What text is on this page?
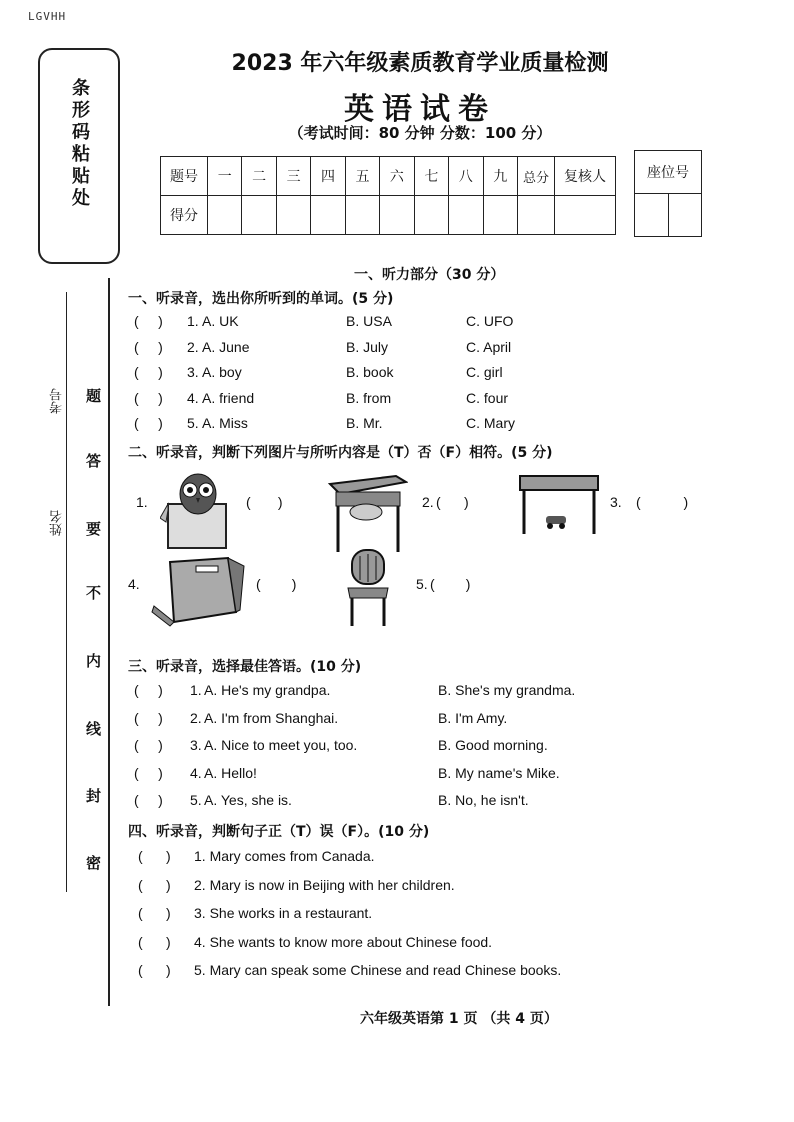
LGVHH
条形码粘贴处
考号
姓名
题
答
要
不
内
线
封
密
2023 年六年级素质教育学业质量检测
英语试卷
（考试时间：80 分钟 分数：100 分）
题号	一	二	三	四	五	六	七	八	九	总分	复核人
得分											
座位号

一、听力部分（30 分）
一、听录音，选出你所听到的单词。(5 分)
(     ) 1. A. UK	B. USA	C. UFO
(     ) 2. A. June	B. July	C. April
(     ) 3. A. boy	B. book	C. girl
(     ) 4. A. friend	B. from	C. four
(     ) 5. A. Miss	B. Mr.	C. Mary
二、听录音，判断下列图片与所听内容是（T）否（F）相符。(5 分)
1.	(       )	2. (      )	3. (           )
4.	(        )	5. (        )
三、听录音，选择最佳答语。(10 分)
(     ) 1. A. He's my grandpa.	B. She's my grandma.
(     ) 2. A. I'm from Shanghai.	B. I'm Amy.
(     ) 3. A. Nice to meet you, too.	B. Good morning.
(     ) 4. A. Hello!	B. My name's Mike.
(     ) 5. A. Yes, she is.	B. No, he isn't.
四、听录音，判断句子正（T）误（F）。(10 分)
(      ) 1. Mary comes from Canada.
(      ) 2. Mary is now in Beijing with her children.
(      ) 3. She works in a restaurant.
(      ) 4. She wants to know more about Chinese food.
(      ) 5. Mary can speak some Chinese and read Chinese books.
六年级英语第 1 页 （共 4 页）
